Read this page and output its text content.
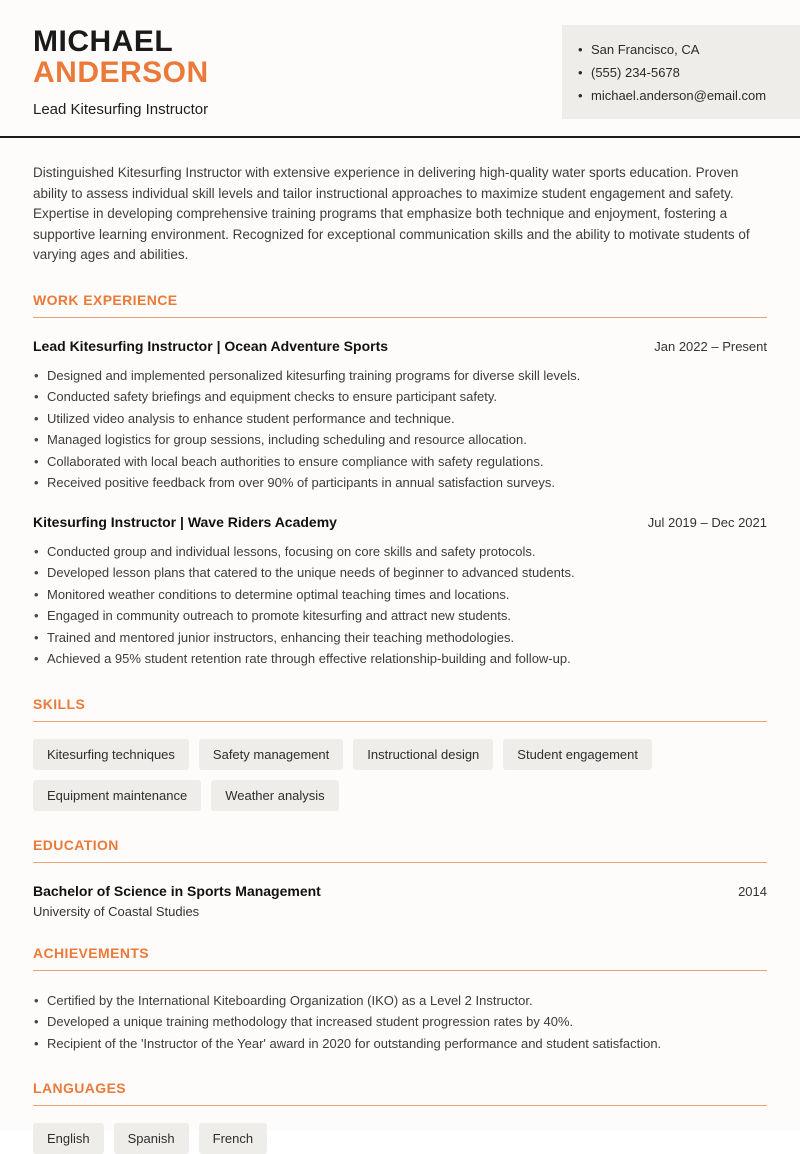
MICHAEL
ANDERSON
Lead Kitesurfing Instructor
• San Francisco, CA
• (555) 234-5678
• michael.anderson@email.com

Distinguished Kitesurfing Instructor with extensive experience in delivering high-quality water sports education. Proven ability to assess individual skill levels and tailor instructional approaches to maximize student engagement and safety. Expertise in developing comprehensive training programs that emphasize both technique and enjoyment, fostering a supportive learning environment. Recognized for exceptional communication skills and the ability to motivate students of varying ages and abilities.

WORK EXPERIENCE
Lead Kitesurfing Instructor | Ocean Adventure Sports	Jan 2022 – Present
• Designed and implemented personalized kitesurfing training programs for diverse skill levels.
• Conducted safety briefings and equipment checks to ensure participant safety.
• Utilized video analysis to enhance student performance and technique.
• Managed logistics for group sessions, including scheduling and resource allocation.
• Collaborated with local beach authorities to ensure compliance with safety regulations.
• Received positive feedback from over 90% of participants in annual satisfaction surveys.
Kitesurfing Instructor | Wave Riders Academy	Jul 2019 – Dec 2021
• Conducted group and individual lessons, focusing on core skills and safety protocols.
• Developed lesson plans that catered to the unique needs of beginner to advanced students.
• Monitored weather conditions to determine optimal teaching times and locations.
• Engaged in community outreach to promote kitesurfing and attract new students.
• Trained and mentored junior instructors, enhancing their teaching methodologies.
• Achieved a 95% student retention rate through effective relationship-building and follow-up.
SKILLS
Kitesurfing techniques	Safety management	Instructional design	Student engagement
Equipment maintenance	Weather analysis
EDUCATION
Bachelor of Science in Sports Management	2014
University of Coastal Studies
ACHIEVEMENTS
• Certified by the International Kiteboarding Organization (IKO) as a Level 2 Instructor.
• Developed a unique training methodology that increased student progression rates by 40%.
• Recipient of the 'Instructor of the Year' award in 2020 for outstanding performance and student satisfaction.
LANGUAGES
English	Spanish	French
